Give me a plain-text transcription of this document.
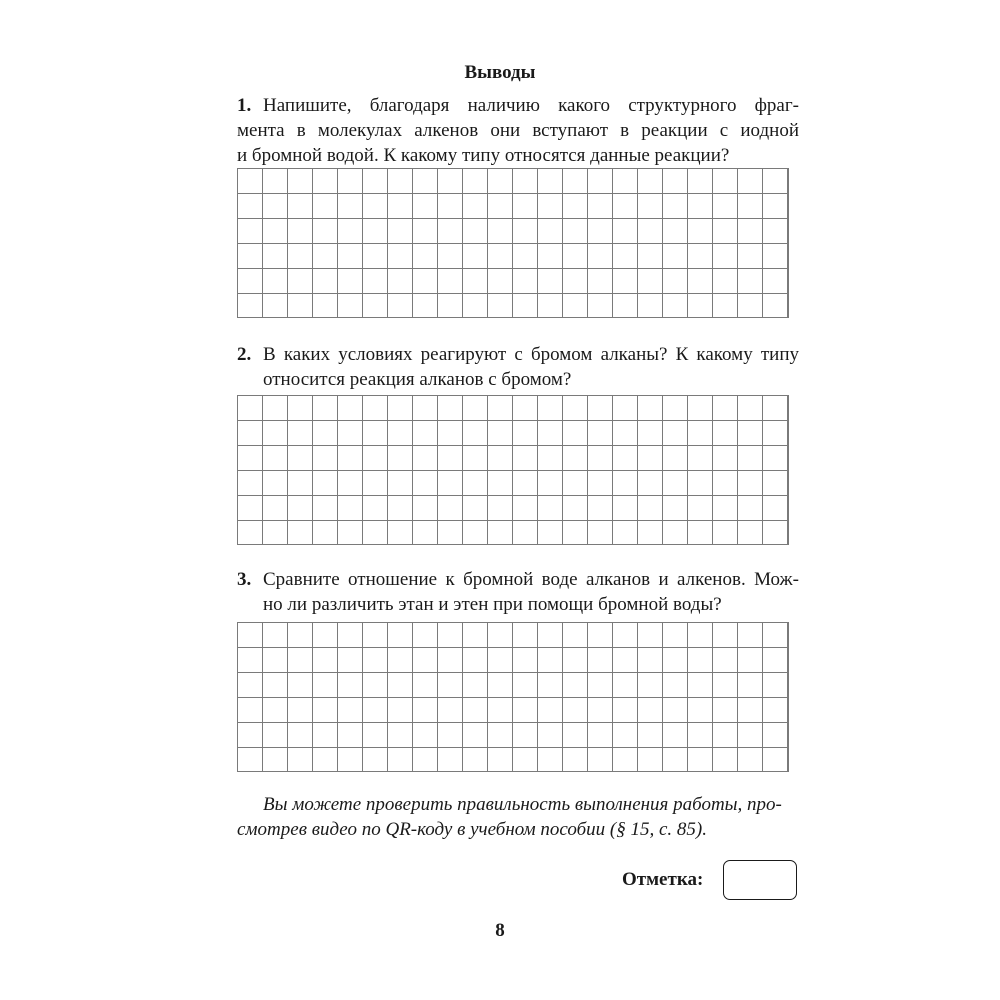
Выводы
1. Напишите, благодаря наличию какого структурного фраг-
мента в молекулах алкенов они вступают в реакции с иодной
и бромной водой. К какому типу относятся данные реакции?
2. В каких условиях реагируют с бромом алканы? К какому типу
относится реакция алканов с бромом?
3. Сравните отношение к бромной воде алканов и алкенов. Мож-
но ли различить этан и этен при помощи бромной воды?
Вы можете проверить правильность выполнения работы, про-
смотрев видео по QR-коду в учебном пособии (§ 15, с. 85).
Отметка:
8
